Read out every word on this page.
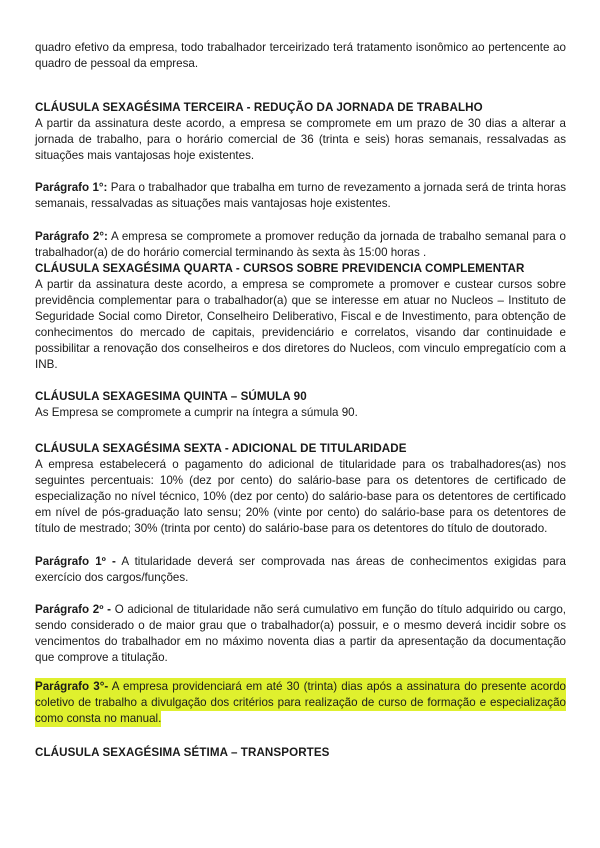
quadro efetivo da empresa, todo trabalhador terceirizado terá tratamento isonômico ao pertencente ao quadro de pessoal da empresa.

CLÁUSULA SEXAGÉSIMA TERCEIRA - REDUÇÃO DA JORNADA DE TRABALHO

A partir da assinatura deste acordo, a empresa se compromete em um prazo de 30 dias a alterar a jornada de trabalho, para o horário comercial de 36 (trinta e seis) horas semanais, ressalvadas as situações mais vantajosas hoje existentes.

Parágrafo 1°: Para o trabalhador que trabalha em turno de revezamento a jornada será de trinta horas semanais, ressalvadas as situações mais vantajosas hoje existentes.

Parágrafo 2°: A empresa se compromete a promover redução da jornada de trabalho semanal para o trabalhador(a) de do horário comercial terminando às sexta às 15:00 horas .

CLÁUSULA SEXAGÉSIMA QUARTA - CURSOS SOBRE PREVIDENCIA COMPLEMENTAR

A partir da assinatura deste acordo, a empresa se compromete a promover e custear cursos sobre previdência complementar para o trabalhador(a) que se interesse em atuar no Nucleos – Instituto de Seguridade Social como Diretor, Conselheiro Deliberativo, Fiscal e de Investimento, para obtenção de conhecimentos do mercado de capitais, previdenciário e correlatos, visando dar continuidade e possibilitar a renovação dos conselheiros e dos diretores do Nucleos, com vinculo empregatício com a INB.

CLÁUSULA SEXAGESIMA QUINTA – SÚMULA 90

As Empresa se compromete a cumprir na íntegra a súmula 90.

CLÁUSULA SEXAGÉSIMA SEXTA - ADICIONAL DE TITULARIDADE

A empresa estabelecerá o pagamento do adicional de titularidade para os trabalhadores(as) nos seguintes percentuais: 10% (dez por cento) do salário-base para os detentores de certificado de especialização no nível técnico, 10% (dez por cento) do salário-base para os detentores de certificado em nível de pós-graduação lato sensu; 20% (vinte por cento) do salário-base para os detentores de título de mestrado; 30% (trinta por cento) do salário-base para os detentores do título de doutorado.

Parágrafo 1º - A titularidade deverá ser comprovada nas áreas de conhecimentos exigidas para exercício dos cargos/funções.

Parágrafo 2º - O adicional de titularidade não será cumulativo em função do título adquirido ou cargo, sendo considerado o de maior grau que o trabalhador(a) possuir, e o mesmo deverá incidir sobre os vencimentos do trabalhador em no máximo noventa dias a partir da apresentação da documentação que comprove a titulação.

Parágrafo 3°- A empresa providenciará em até 30 (trinta) dias após a assinatura do presente acordo coletivo de trabalho a divulgação dos critérios para realização de curso de formação e especialização como consta no manual.

CLÁUSULA SEXAGÉSIMA SÉTIMA – TRANSPORTES
